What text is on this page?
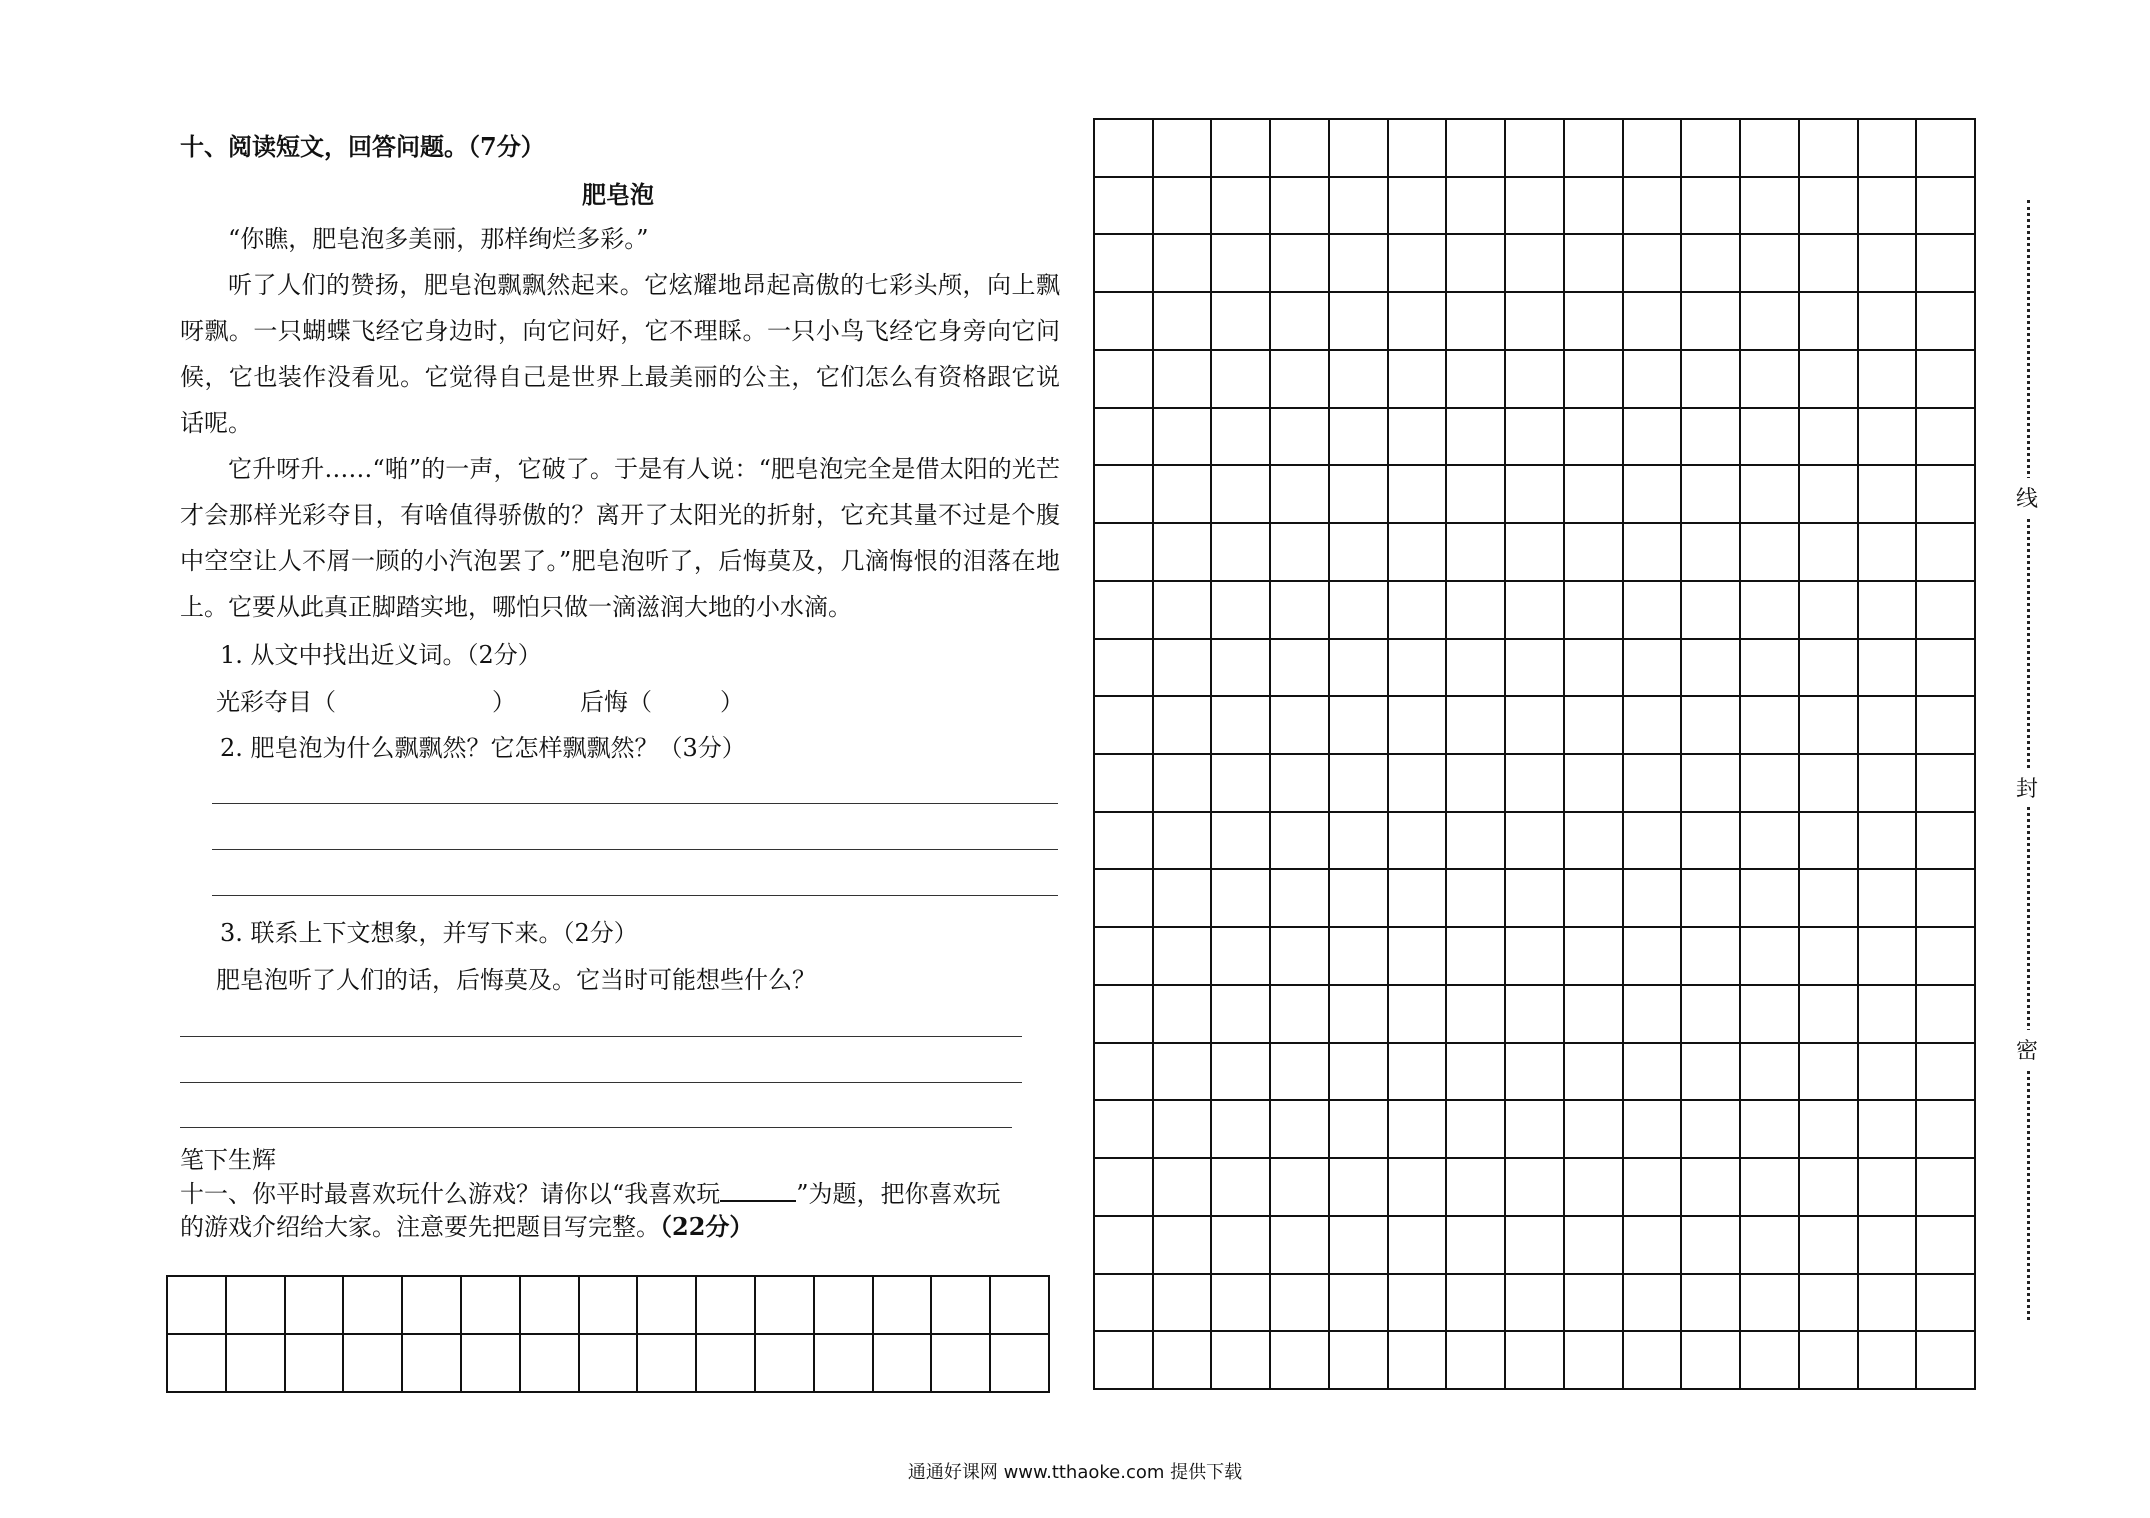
十、阅读短文，回答问题。（7分）
肥皂泡
“你瞧，肥皂泡多美丽，那样绚烂多彩。”
听了人们的赞扬，肥皂泡飘飘然起来。它炫耀地昂起高傲的七彩头颅，向上飘呀飘。一只蝴蝶飞经它身边时，向它问好，它不理睬。一只小鸟飞经它身旁向它问候，它也装作没看见。它觉得自己是世界上最美丽的公主，它们怎么有资格跟它说话呢。
它升呀升……“啪”的一声，它破了。于是有人说：“肥皂泡完全是借太阳的光芒才会那样光彩夺目，有啥值得骄傲的？离开了太阳光的折射，它充其量不过是个腹中空空让人不屑一顾的小汽泡罢了。”肥皂泡听了，后悔莫及，几滴悔恨的泪落在地上。它要从此真正脚踏实地，哪怕只做一滴滋润大地的小水滴。
1. 从文中找出近义词。（2分）
光彩夺目（	）	后悔（	）
2. 肥皂泡为什么飘飘然？它怎样飘飘然？（3分）
3. 联系上下文想象，并写下来。（2分）
肥皂泡听了人们的话，后悔莫及。它当时可能想些什么？
笔下生辉
十一、你平时最喜欢玩什么游戏？请你以“我喜欢玩	”为题，把你喜欢玩
的游戏介绍给大家。注意要先把题目写完整。（22分）
线
封
密
通通好课网 www.tthaoke.com 提供下载
